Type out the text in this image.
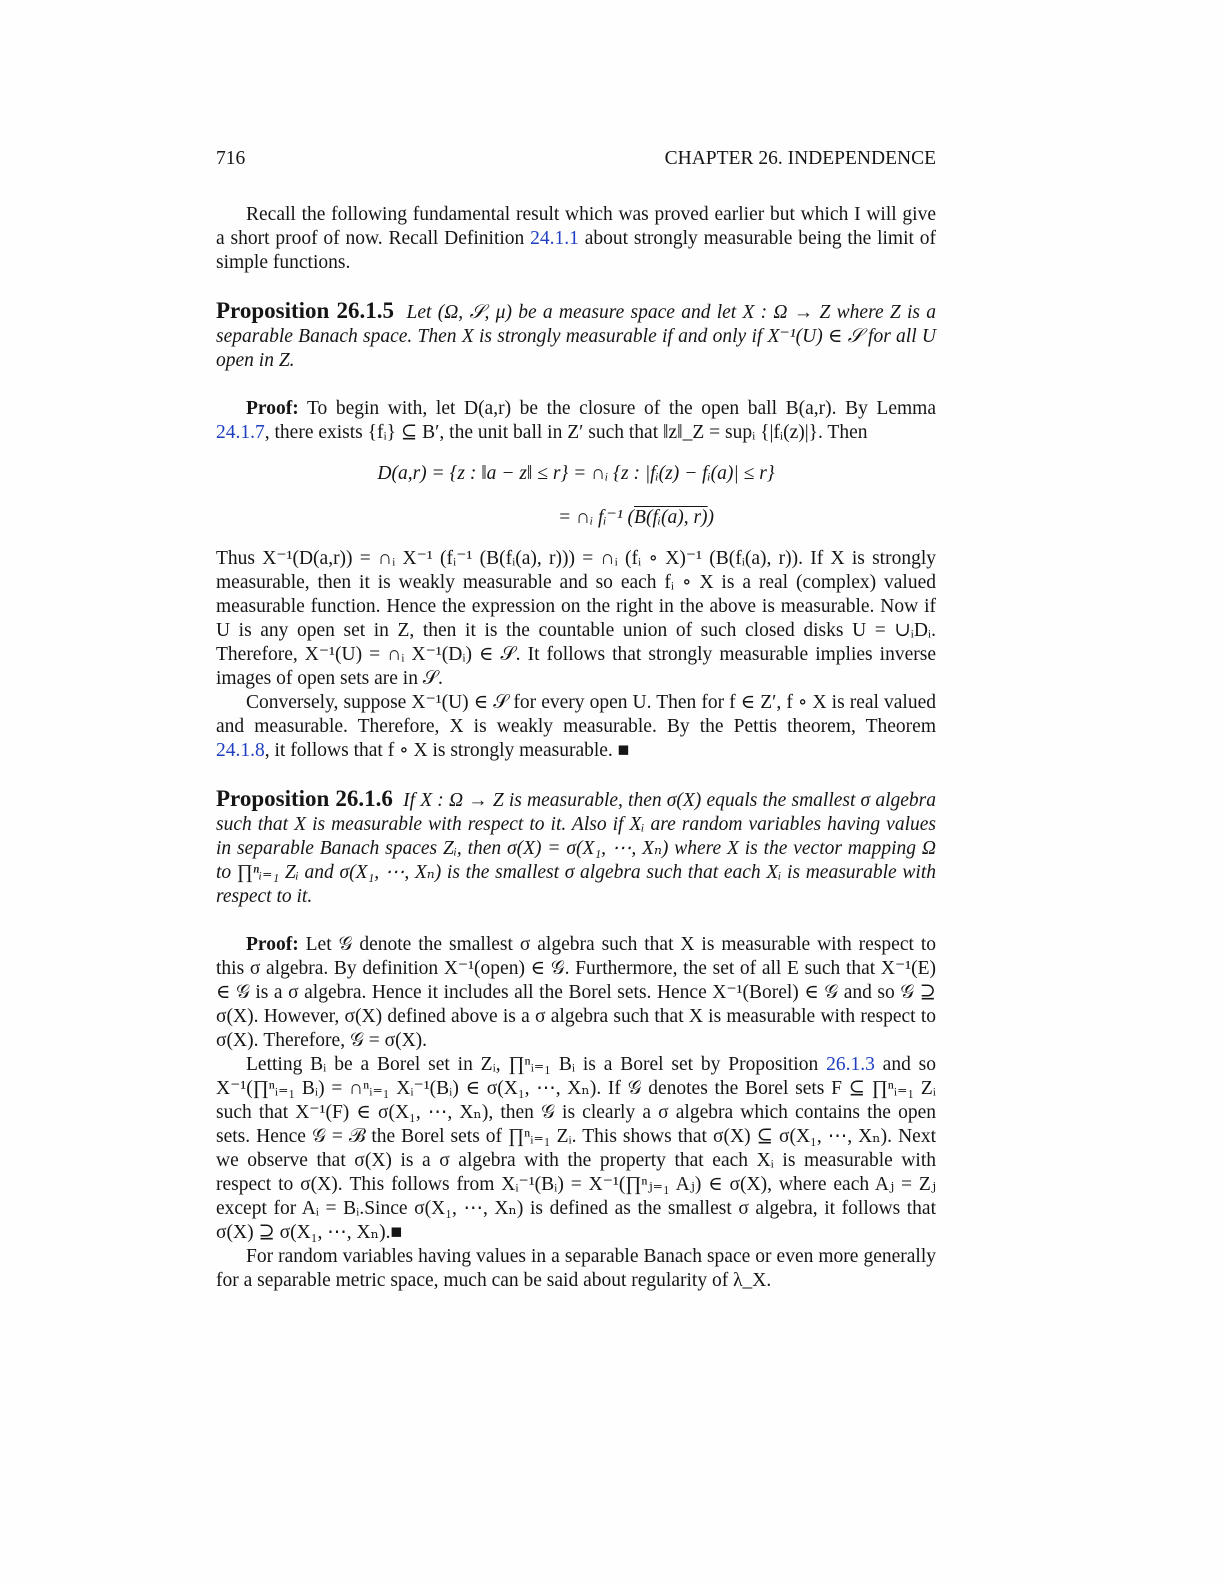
716	CHAPTER 26. INDEPENDENCE

Recall the following fundamental result which was proved earlier but which I will give a short proof of now. Recall Definition 24.1.1 about strongly measurable being the limit of simple functions.

Proposition 26.1.5 Let (Ω, 𝒮, μ) be a measure space and let X : Ω → Z where Z is a separable Banach space. Then X is strongly measurable if and only if X⁻¹(U) ∈ 𝒮 for all U open in Z.

Proof: To begin with, let D(a,r) be the closure of the open ball B(a,r). By Lemma 24.1.7, there exists {fᵢ} ⊆ B′, the unit ball in Z′ such that ‖z‖_Z = supᵢ {|fᵢ(z)|}. Then

D(a,r) = {z : ‖a − z‖ ≤ r} = ∩ᵢ {z : |fᵢ(z) − fᵢ(a)| ≤ r}
= ∩ᵢ fᵢ⁻¹ (B(fᵢ(a), r))

Thus X⁻¹(D(a,r)) = ∩ᵢ X⁻¹ (fᵢ⁻¹ (B(fᵢ(a), r))) = ∩ᵢ (fᵢ ∘ X)⁻¹ (B(fᵢ(a), r)). If X is strongly measurable, then it is weakly measurable and so each fᵢ ∘ X is a real (complex) valued measurable function. Hence the expression on the right in the above is measurable. Now if U is any open set in Z, then it is the countable union of such closed disks U = ∪ᵢDᵢ. Therefore, X⁻¹(U) = ∩ᵢ X⁻¹(Dᵢ) ∈ 𝒮. It follows that strongly measurable implies inverse images of open sets are in 𝒮.

Conversely, suppose X⁻¹(U) ∈ 𝒮 for every open U. Then for f ∈ Z′, f ∘ X is real valued and measurable. Therefore, X is weakly measurable. By the Pettis theorem, Theorem 24.1.8, it follows that f ∘ X is strongly measurable. ■

Proposition 26.1.6 If X : Ω → Z is measurable, then σ(X) equals the smallest σ algebra such that X is measurable with respect to it. Also if Xᵢ are random variables having values in separable Banach spaces Zᵢ, then σ(X) = σ(X₁, ⋯, Xₙ) where X is the vector mapping Ω to ∏ⁿᵢ₌₁ Zᵢ and σ(X₁, ⋯, Xₙ) is the smallest σ algebra such that each Xᵢ is measurable with respect to it.

Proof: Let 𝒢 denote the smallest σ algebra such that X is measurable with respect to this σ algebra. By definition X⁻¹(open) ∈ 𝒢. Furthermore, the set of all E such that X⁻¹(E) ∈ 𝒢 is a σ algebra. Hence it includes all the Borel sets. Hence X⁻¹(Borel) ∈ 𝒢 and so 𝒢 ⊇ σ(X). However, σ(X) defined above is a σ algebra such that X is measurable with respect to σ(X). Therefore, 𝒢 = σ(X).

Letting Bᵢ be a Borel set in Zᵢ, ∏ⁿᵢ₌₁ Bᵢ is a Borel set by Proposition 26.1.3 and so X⁻¹(∏ⁿᵢ₌₁ Bᵢ) = ∩ⁿᵢ₌₁ Xᵢ⁻¹(Bᵢ) ∈ σ(X₁, ⋯, Xₙ). If 𝒢 denotes the Borel sets F ⊆ ∏ⁿᵢ₌₁ Zᵢ such that X⁻¹(F) ∈ σ(X₁, ⋯, Xₙ), then 𝒢 is clearly a σ algebra which contains the open sets. Hence 𝒢 = ℬ the Borel sets of ∏ⁿᵢ₌₁ Zᵢ. This shows that σ(X) ⊆ σ(X₁, ⋯, Xₙ). Next we observe that σ(X) is a σ algebra with the property that each Xᵢ is measurable with respect to σ(X). This follows from Xᵢ⁻¹(Bᵢ) = X⁻¹(∏ⁿⱼ₌₁ Aⱼ) ∈ σ(X), where each Aⱼ = Zⱼ except for Aᵢ = Bᵢ.Since σ(X₁, ⋯, Xₙ) is defined as the smallest σ algebra, it follows that σ(X) ⊇ σ(X₁, ⋯, Xₙ).■

For random variables having values in a separable Banach space or even more generally for a separable metric space, much can be said about regularity of λ_X.
